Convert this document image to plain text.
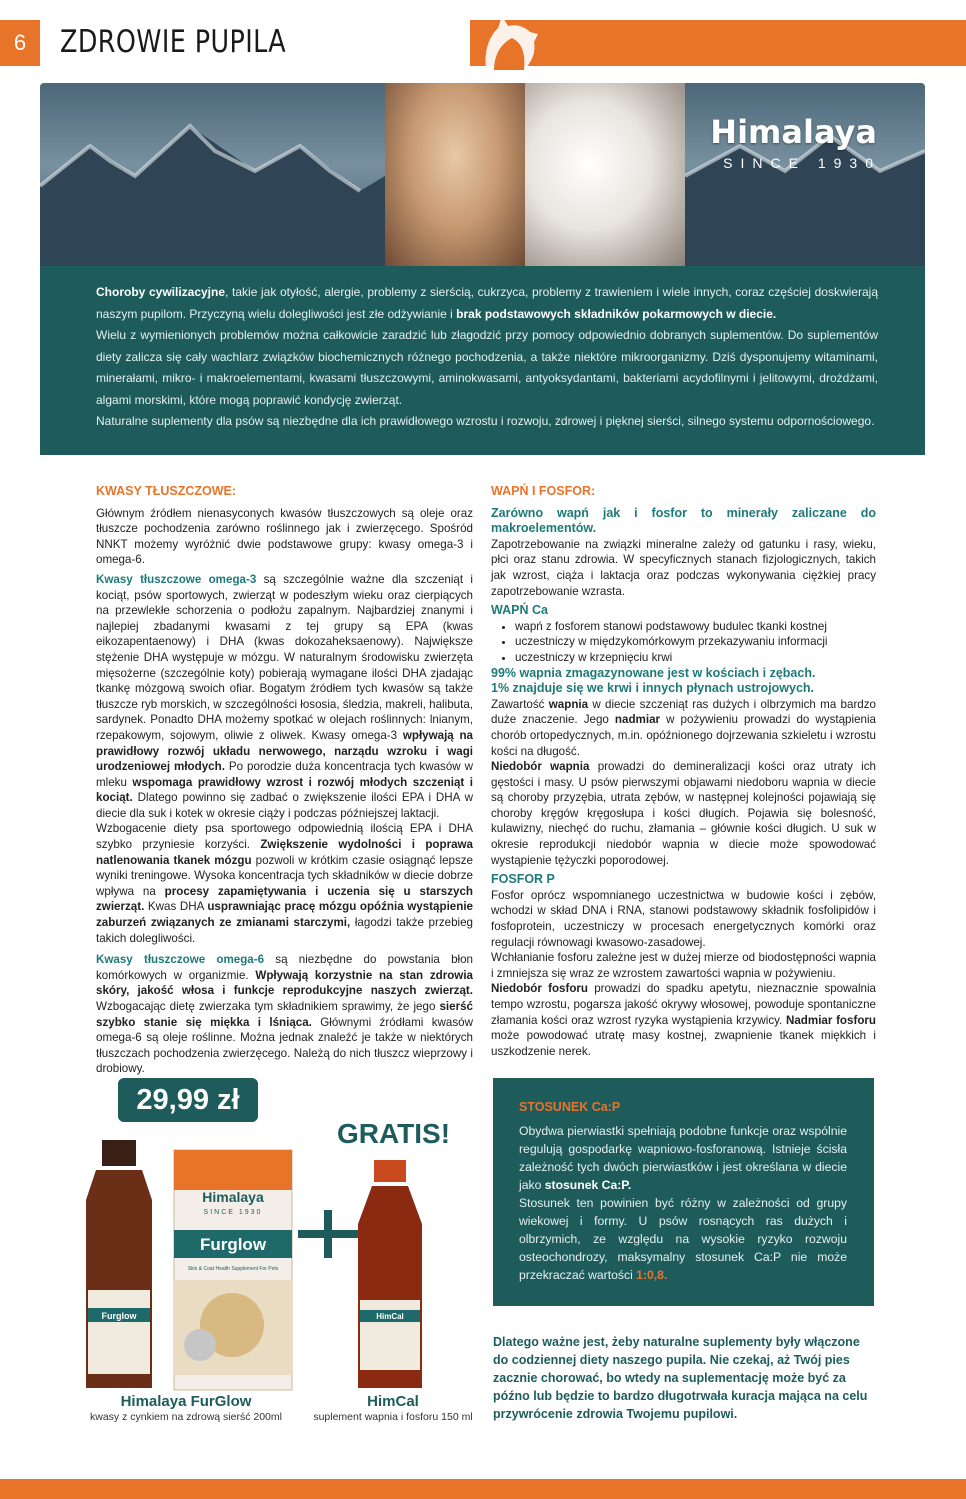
6	ZDROWIE PUPILA
Himalaya
SINCE 1930

Choroby cywilizacyjne, takie jak otyłość, alergie, problemy z sierścią, cukrzyca, problemy z trawieniem i wiele innych, coraz częściej doskwierają naszym pupilom. Przyczyną wielu dolegliwości jest złe odżywianie i brak podstawowych składników pokarmowych w diecie.

Wielu z wymienionych problemów można całkowicie zaradzić lub złagodzić przy pomocy odpowiednio dobranych suplementów. Do suplementów diety zalicza się cały wachlarz związków biochemicznych różnego pochodzenia, a także niektóre mikroorganizmy. Dziś dysponujemy witaminami, minerałami, mikro- i makroelementami, kwasami tłuszczowymi, aminokwasami, antyoksydantami, bakteriami acydofilnymi i jelitowymi, drożdżami, algami morskimi, które mogą poprawić kondycję zwierząt.

Naturalne suplementy dla psów są niezbędne dla ich prawidłowego wzrostu i rozwoju, zdrowej i pięknej sierści, silnego systemu odpornościowego.

KWASY TŁUSZCZOWE:

Głównym źródłem nienasyconych kwasów tłuszczowych są oleje oraz tłuszcze pochodzenia zarówno roślinnego jak i zwierzęcego. Spośród NNKT możemy wyróżnić dwie podstawowe grupy: kwasy omega-3 i omega-6.

Kwasy tłuszczowe omega-3 są szczególnie ważne dla szczeniąt i kociąt, psów sportowych, zwierząt w podeszłym wieku oraz cierpiących na przewlekłe schorzenia o podłożu zapalnym. Najbardziej znanymi i najlepiej zbadanymi kwasami z tej grupy są EPA (kwas eikozapentaenowy) i DHA (kwas dokozaheksaenowy). Największe stężenie DHA występuje w mózgu. W naturalnym środowisku zwierzęta mięsożerne (szczególnie koty) pobierają wymagane ilości DHA zjadając tkankę mózgową swoich ofiar. Bogatym źródłem tych kwasów są także tłuszcze ryb morskich, w szczególności łososia, śledzia, makreli, halibuta, sardynek. Ponadto DHA możemy spotkać w olejach roślinnych: lnianym, rzepakowym, sojowym, oliwie z oliwek. Kwasy omega-3 wpływają na prawidłowy rozwój układu nerwowego, narządu wzroku i wagi urodzeniowej młodych. Po porodzie duża koncentracja tych kwasów w mleku wspomaga prawidłowy wzrost i rozwój młodych szczeniąt i kociąt. Dlatego powinno się zadbać o zwiększenie ilości EPA i DHA w diecie dla suk i kotek w okresie ciąży i podczas późniejszej laktacji.

Wzbogacenie diety psa sportowego odpowiednią ilością EPA i DHA szybko przyniesie korzyści. Zwiększenie wydolności i poprawa natlenowania tkanek mózgu pozwoli w krótkim czasie osiągnąć lepsze wyniki treningowe. Wysoka koncentracja tych składników w diecie dobrze wpływa na procesy zapamiętywania i uczenia się u starszych zwierząt. Kwas DHA usprawniając pracę mózgu opóźnia wystąpienie zaburzeń związanych ze zmianami starczymi, łagodzi także przebieg takich dolegliwości.

Kwasy tłuszczowe omega-6 są niezbędne do powstania błon komórkowych w organizmie. Wpływają korzystnie na stan zdrowia skóry, jakość włosa i funkcje reprodukcyjne naszych zwierząt. Wzbogacając dietę zwierzaka tym składnikiem sprawimy, że jego sierść szybko stanie się miękka i lśniąca. Głównymi źródłami kwasów omega-6 są oleje roślinne. Można jednak znaleźć je także w niektórych tłuszczach pochodzenia zwierzęcego. Należą do nich tłuszcz wieprzowy i drobiowy.

WAPŃ I FOSFOR:

Zarówno wapń jak i fosfor to minerały zaliczane do makroelementów.

Zapotrzebowanie na związki mineralne zależy od gatunku i rasy, wieku, płci oraz stanu zdrowia. W specyficznych stanach fizjologicznych, takich jak wzrost, ciąża i laktacja oraz podczas wykonywania ciężkiej pracy zapotrzebowanie wzrasta.

WAPŃ Ca

• wapń z fosforem stanowi podstawowy budulec tkanki kostnej
• uczestniczy w międzykomórkowym przekazywaniu informacji
• uczestniczy w krzepnięciu krwi

99% wapnia zmagazynowane jest w kościach i zębach.

1% znajduje się we krwi i innych płynach ustrojowych.

Zawartość wapnia w diecie szczeniąt ras dużych i olbrzymich ma bardzo duże znaczenie. Jego nadmiar w pożywieniu prowadzi do wystąpienia chorób ortopedycznych, m.in. opóźnionego dojrzewania szkieletu i wzrostu kości na długość.

Niedobór wapnia prowadzi do demineralizacji kości oraz utraty ich gęstości i masy. U psów pierwszymi objawami niedoboru wapnia w diecie są choroby przyzębia, utrata zębów, w następnej kolejności pojawiają się choroby kręgów kręgosłupa i kości długich. Pojawia się bolesność, kulawizny, niechęć do ruchu, złamania – głównie kości długich. U suk w okresie reprodukcji niedobór wapnia w diecie może spowodować wystąpienie tężyczki poporodowej.

FOSFOR P

Fosfor oprócz wspomnianego uczestnictwa w budowie kości i zębów, wchodzi w skład DNA i RNA, stanowi podstawowy składnik fosfolipidów i fosfoprotein, uczestniczy w procesach energetycznych komórki oraz regulacji równowagi kwasowo-zasadowej.

Wchłanianie fosforu zależne jest w dużej mierze od biodostępności wapnia i zmniejsza się wraz ze wzrostem zawartości wapnia w pożywieniu.

Niedobór fosforu prowadzi do spadku apetytu, nieznacznie spowalnia tempo wzrostu, pogarsza jakość okrywy włosowej, powoduje spontaniczne złamania kości oraz wzrost ryzyka wystąpienia krzywicy. Nadmiar fosforu może powodować utratę masy kostnej, zwapnienie tkanek miękkich i uszkodzenie nerek.

29,99 zł
GRATIS!
Himalaya
SINCE 1930
Furglow
Skin & Coat Health Supplement For Pets
Furglow	HimCal
Himalaya FurGlow
kwasy z cynkiem na zdrową sierść 200ml
HimCal
suplement wapnia i fosforu 150 ml
STOSUNEK Ca:P

Obydwa pierwiastki spełniają podobne funkcje oraz wspólnie regulują gospodarkę wapniowo-fosforanową. Istnieje ścisła zależność tych dwóch pierwiastków i jest określana w diecie jako stosunek Ca:P.

Stosunek ten powinien być różny w zależności od grupy wiekowej i formy. U psów rosnących ras dużych i olbrzymich, ze względu na wysokie ryzyko rozwoju osteochondrozy, maksymalny stosunek Ca:P nie może przekraczać wartości 1:0,8.

Dlatego ważne jest, żeby naturalne suplementy były włączone do codziennej diety naszego pupila. Nie czekaj, aż Twój pies zacznie chorować, bo wtedy na suplementację może być za późno lub będzie to bardzo długotrwała kuracja mająca na celu przywrócenie zdrowia Twojemu pupilowi.
